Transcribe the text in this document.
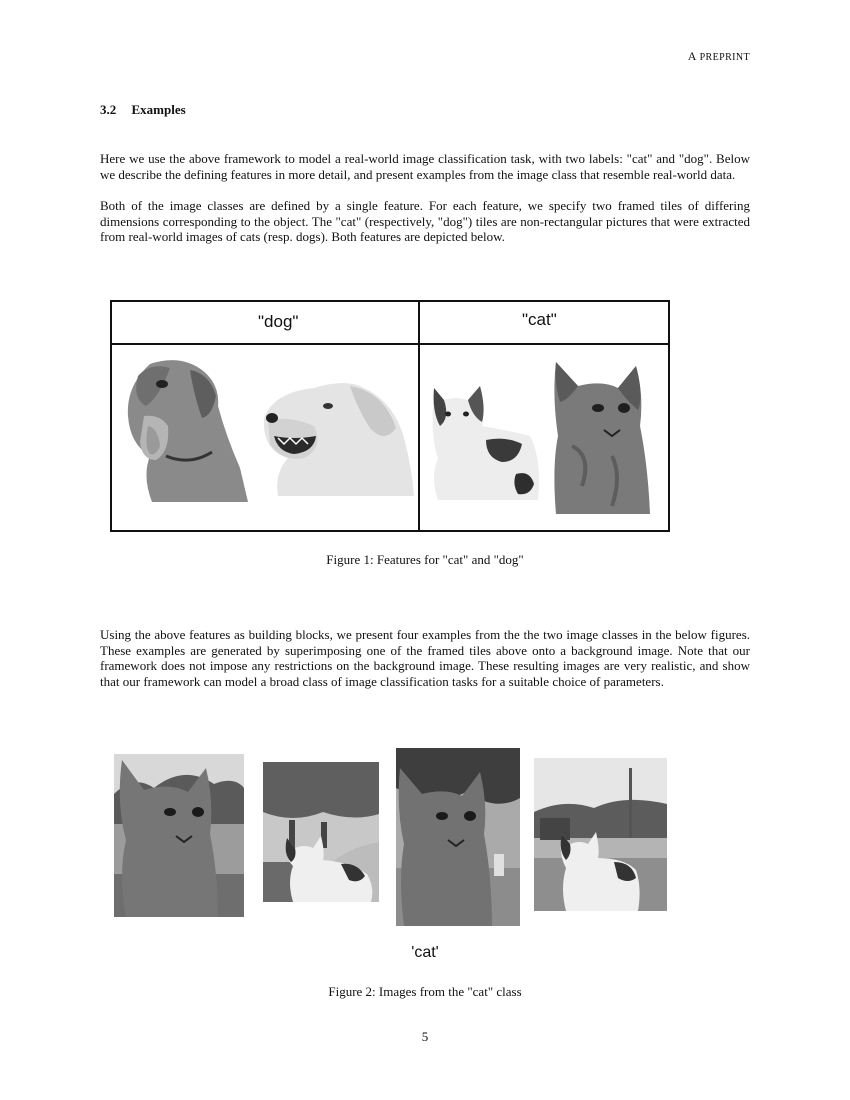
A PREPRINT
3.2 Examples

Here we use the above framework to model a real-world image classification task, with two labels: "cat" and "dog". Below we describe the defining features in more detail, and present examples from the image class that resemble real-world data.

Both of the image classes are defined by a single feature. For each feature, we specify two framed tiles of differing dimensions corresponding to the object. The "cat" (respectively, "dog") tiles are non-rectangular pictures that were extracted from real-world images of cats (resp. dogs). Both features are depicted below.

"dog"	"cat"
Figure 1: Features for "cat" and "dog"

Using the above features as building blocks, we present four examples from the the two image classes in the below figures. These examples are generated by superimposing one of the framed tiles above onto a background image. Note that our framework does not impose any restrictions on the background image. These resulting images are very realistic, and show that our framework can model a broad class of image classification tasks for a suitable choice of parameters.

'cat'
Figure 2: Images from the "cat" class
5
